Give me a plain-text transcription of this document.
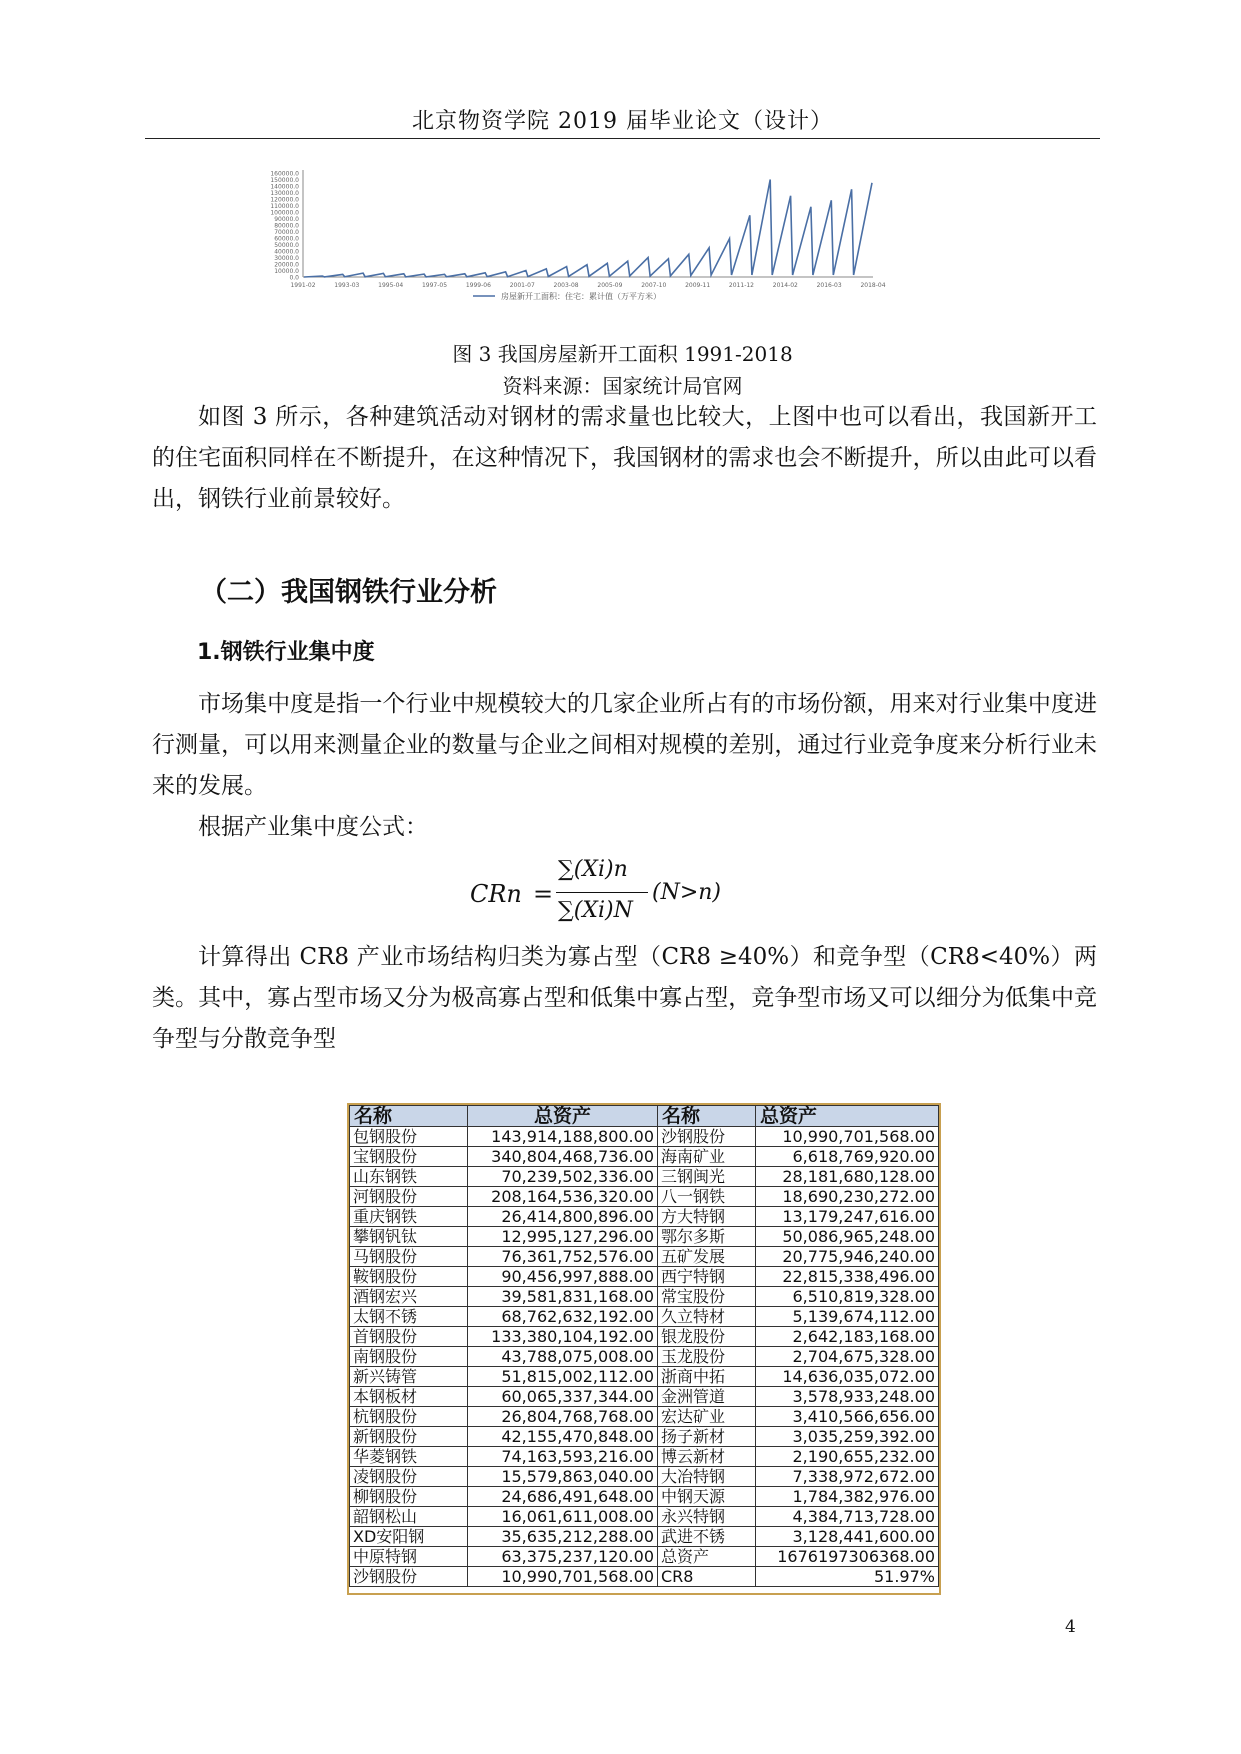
北京物资学院 2019 届毕业论文（设计）
160000.0
150000.0
140000.0
130000.0
120000.0
110000.0
100000.0
90000.0
80000.0
70000.0
60000.0
50000.0
40000.0
30000.0
20000.0
10000.0
0.0
1991-02	1993-03	1995-04	1997-05	1999-06	2001-07	2003-08	2005-09	2007-10	2009-11	2011-12	2014-02	2016-03	2018-04
房屋新开工面积：住宅：累计值（万平方米）
图 3 我国房屋新开工面积 1991-2018
资料来源：国家统计局官网

如图 3 所示，各种建筑活动对钢材的需求量也比较大，上图中也可以看出，我国新开工的住宅面积同样在不断提升，在这种情况下，我国钢材的需求也会不断提升，所以由此可以看出，钢铁行业前景较好。

（二）我国钢铁行业分析
1.钢铁行业集中度

市场集中度是指一个行业中规模较大的几家企业所占有的市场份额，用来对行业集中度进行测量，可以用来测量企业的数量与企业之间相对规模的差别，通过行业竞争度来分析行业未来的发展。

根据产业集中度公式：

CRn =
∑(Xi)n
∑(Xi)N
(N>n)

计算得出 CR8 产业市场结构归类为寡占型（CR8 ≥40%）和竞争型（CR8<40%）两类。其中，寡占型市场又分为极高寡占型和低集中寡占型，竞争型市场又可以细分为低集中竞争型与分散竞争型

名称	总资产	名称	总资产
包钢股份	143,914,188,800.00	沙钢股份	10,990,701,568.00
宝钢股份	340,804,468,736.00	海南矿业	6,618,769,920.00
山东钢铁	70,239,502,336.00	三钢闽光	28,181,680,128.00
河钢股份	208,164,536,320.00	八一钢铁	18,690,230,272.00
重庆钢铁	26,414,800,896.00	方大特钢	13,179,247,616.00
攀钢钒钛	12,995,127,296.00	鄂尔多斯	50,086,965,248.00
马钢股份	76,361,752,576.00	五矿发展	20,775,946,240.00
鞍钢股份	90,456,997,888.00	西宁特钢	22,815,338,496.00
酒钢宏兴	39,581,831,168.00	常宝股份	6,510,819,328.00
太钢不锈	68,762,632,192.00	久立特材	5,139,674,112.00
首钢股份	133,380,104,192.00	银龙股份	2,642,183,168.00
南钢股份	43,788,075,008.00	玉龙股份	2,704,675,328.00
新兴铸管	51,815,002,112.00	浙商中拓	14,636,035,072.00
本钢板材	60,065,337,344.00	金洲管道	3,578,933,248.00
杭钢股份	26,804,768,768.00	宏达矿业	3,410,566,656.00
新钢股份	42,155,470,848.00	扬子新材	3,035,259,392.00
华菱钢铁	74,163,593,216.00	博云新材	2,190,655,232.00
凌钢股份	15,579,863,040.00	大冶特钢	7,338,972,672.00
柳钢股份	24,686,491,648.00	中钢天源	1,784,382,976.00
韶钢松山	16,061,611,008.00	永兴特钢	4,384,713,728.00
XD安阳钢	35,635,212,288.00	武进不锈	3,128,441,600.00
中原特钢	63,375,237,120.00	总资产	1676197306368.00
沙钢股份	10,990,701,568.00	CR8	51.97%
4
